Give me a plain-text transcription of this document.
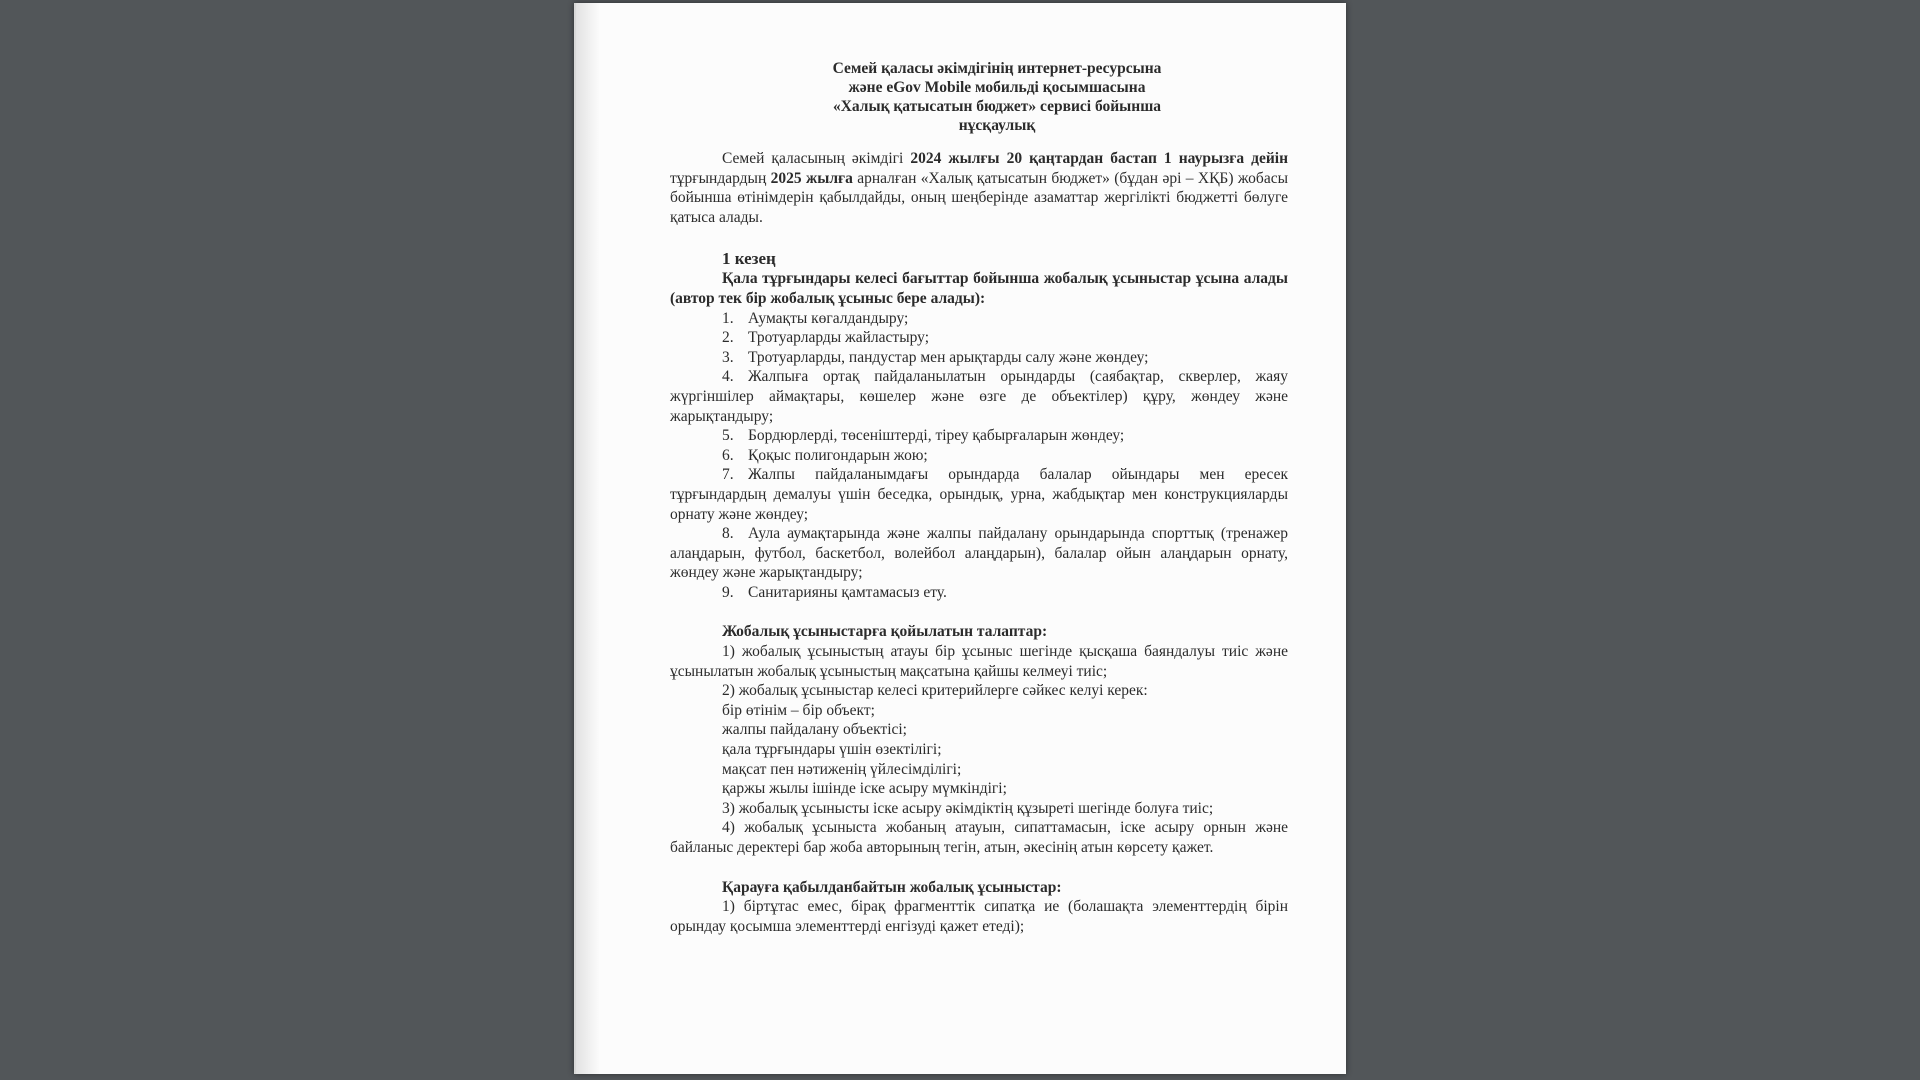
Семей қаласы әкімдігінің интернет-ресурсына
және eGov Mobile мобильді қосымшасына
«Халық қатысатын бюджет» сервисі бойынша
нұсқаулық

Семей қаласының әкімдігі 2024 жылғы 20 қаңтардан бастап 1 наурызға дейін тұрғындардың 2025 жылға арналған «Халық қатысатын бюджет» (бұдан әрі – ХҚБ) жобасы бойынша өтінімдерін қабылдайды, оның шеңберінде азаматтар жергілікті бюджетті бөлуге қатыса алады.

1 кезең

Қала тұрғындары келесі бағыттар бойынша жобалық ұсыныстар ұсына алады (автор тек бір жобалық ұсыныс бере алады):

1. Аумақты көгалдандыру;
2. Тротуарларды жайластыру;
3. Тротуарларды, пандустар мен арықтарды салу және жөндеу;
4. Жалпыға ортақ пайдаланылатын орындарды (саябақтар, скверлер, жаяу жүргіншілер аймақтары, көшелер және өзге де объектілер) құру, жөндеу және жарықтандыру;
5. Бордюрлерді, төсеніштерді, тіреу қабырғаларын жөндеу;
6. Қоқыс полигондарын жою;
7. Жалпы пайдаланымдағы орындарда балалар ойындары мен ересек тұрғындардың демалуы үшін беседка, орындық, урна, жабдықтар мен конструкцияларды орнату және жөндеу;
8. Аула аумақтарында және жалпы пайдалану орындарында спорттық (тренажер алаңдарын, футбол, баскетбол, волейбол алаңдарын), балалар ойын алаңдарын орнату, жөндеу және жарықтандыру;
9. Санитарияны қамтамасыз ету.
Жобалық ұсыныстарға қойылатын талаптар:

1) жобалық ұсыныстың атауы бір ұсыныс шегінде қысқаша баяндалуы тиіс және ұсынылатын жобалық ұсыныстың мақсатына қайшы келмеуі тиіс;

2) жобалық ұсыныстар келесі критерийлерге сәйкес келуі керек:

бір өтінім – бір объект;
жалпы пайдалану объектісі;
қала тұрғындары үшін өзектілігі;
мақсат пен нәтиженің үйлесімділігі;
қаржы жылы ішінде іске асыру мүмкіндігі;

3) жобалық ұсынысты іске асыру әкімдіктің құзыреті шегінде болуға тиіс;

4) жобалық ұсыныста жобаның атауын, сипаттамасын, іске асыру орнын және байланыс деректері бар жоба авторының тегін, атын, әкесінің атын көрсету қажет.

Қарауға қабылданбайтын жобалық ұсыныстар:

1) біртұтас емес, бірақ фрагменттік сипатқа ие (болашақта элементтердің бірін орындау қосымша элементтерді енгізуді қажет етеді);
